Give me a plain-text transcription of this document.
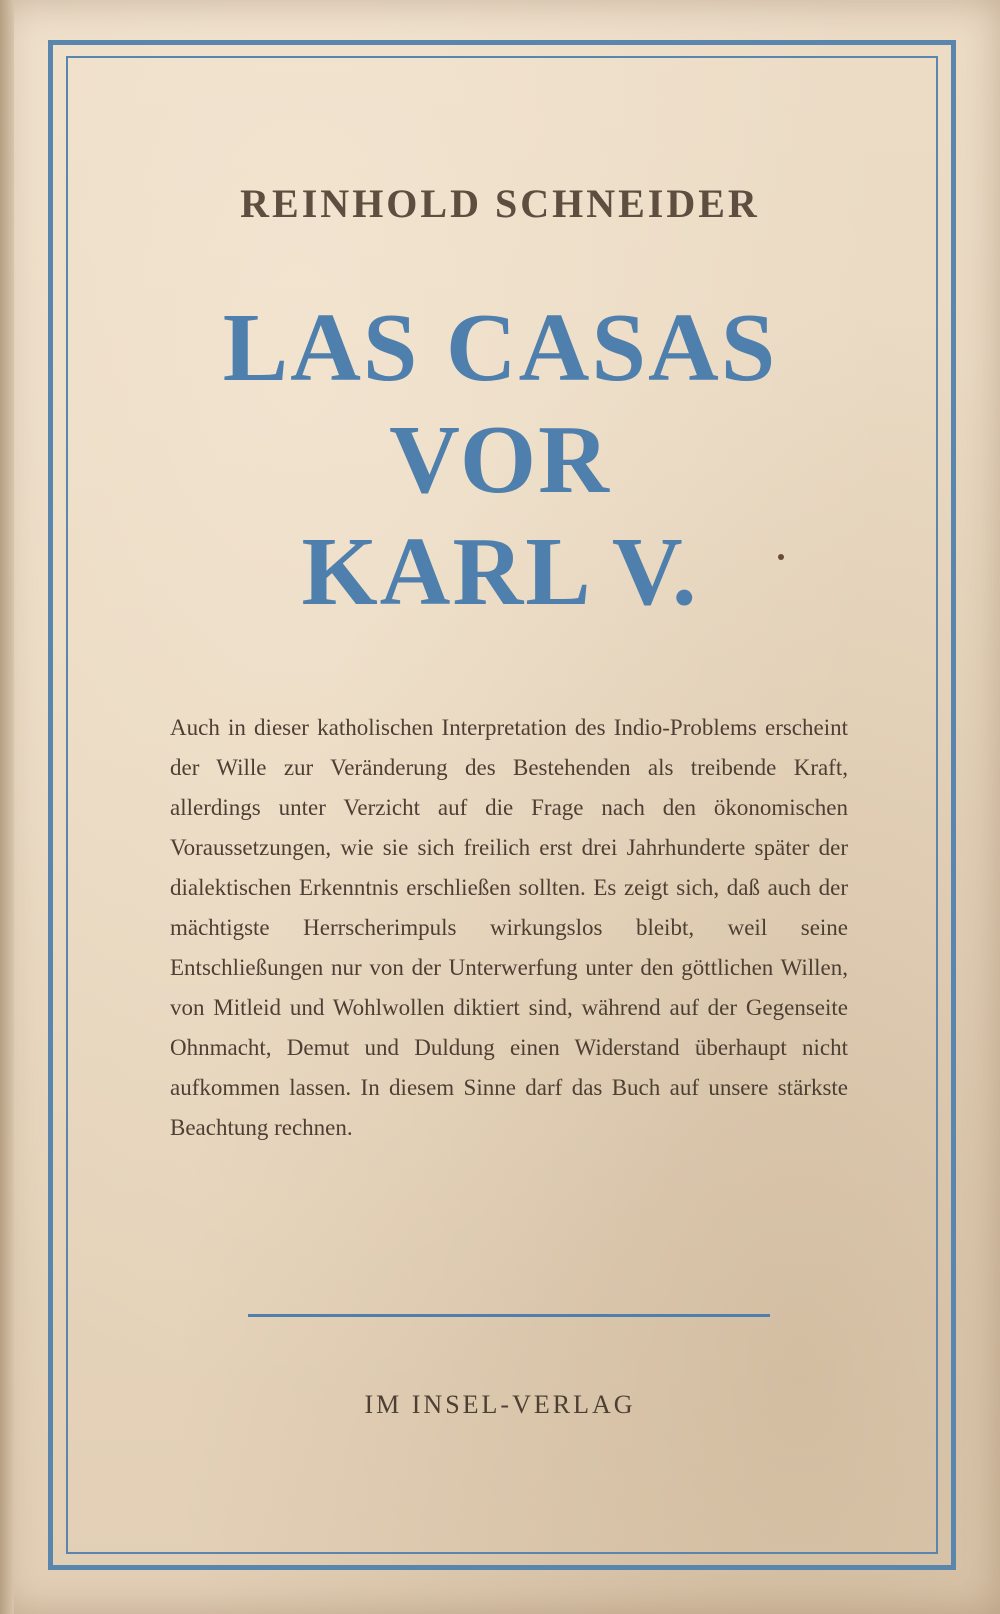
REINHOLD SCHNEIDER
LAS CASAS
VOR
KARL V.

Auch in dieser katholischen Interpretation des Indio-Problems erscheint der Wille zur Veränderung des Bestehenden als treibende Kraft, allerdings unter Verzicht auf die Frage nach den ökonomischen Voraussetzungen, wie sie sich freilich erst drei Jahrhunderte später der dialektischen Erkenntnis erschließen sollten. Es zeigt sich, daß auch der mächtigste Herrscherimpuls wirkungslos bleibt, weil seine Entschließungen nur von der Unterwerfung unter den göttlichen Willen, von Mitleid und Wohlwollen diktiert sind, während auf der Gegenseite Ohnmacht, Demut und Duldung einen Widerstand überhaupt nicht aufkommen lassen. In diesem Sinne darf das Buch auf unsere stärkste Beachtung rechnen.

IM INSEL-VERLAG
